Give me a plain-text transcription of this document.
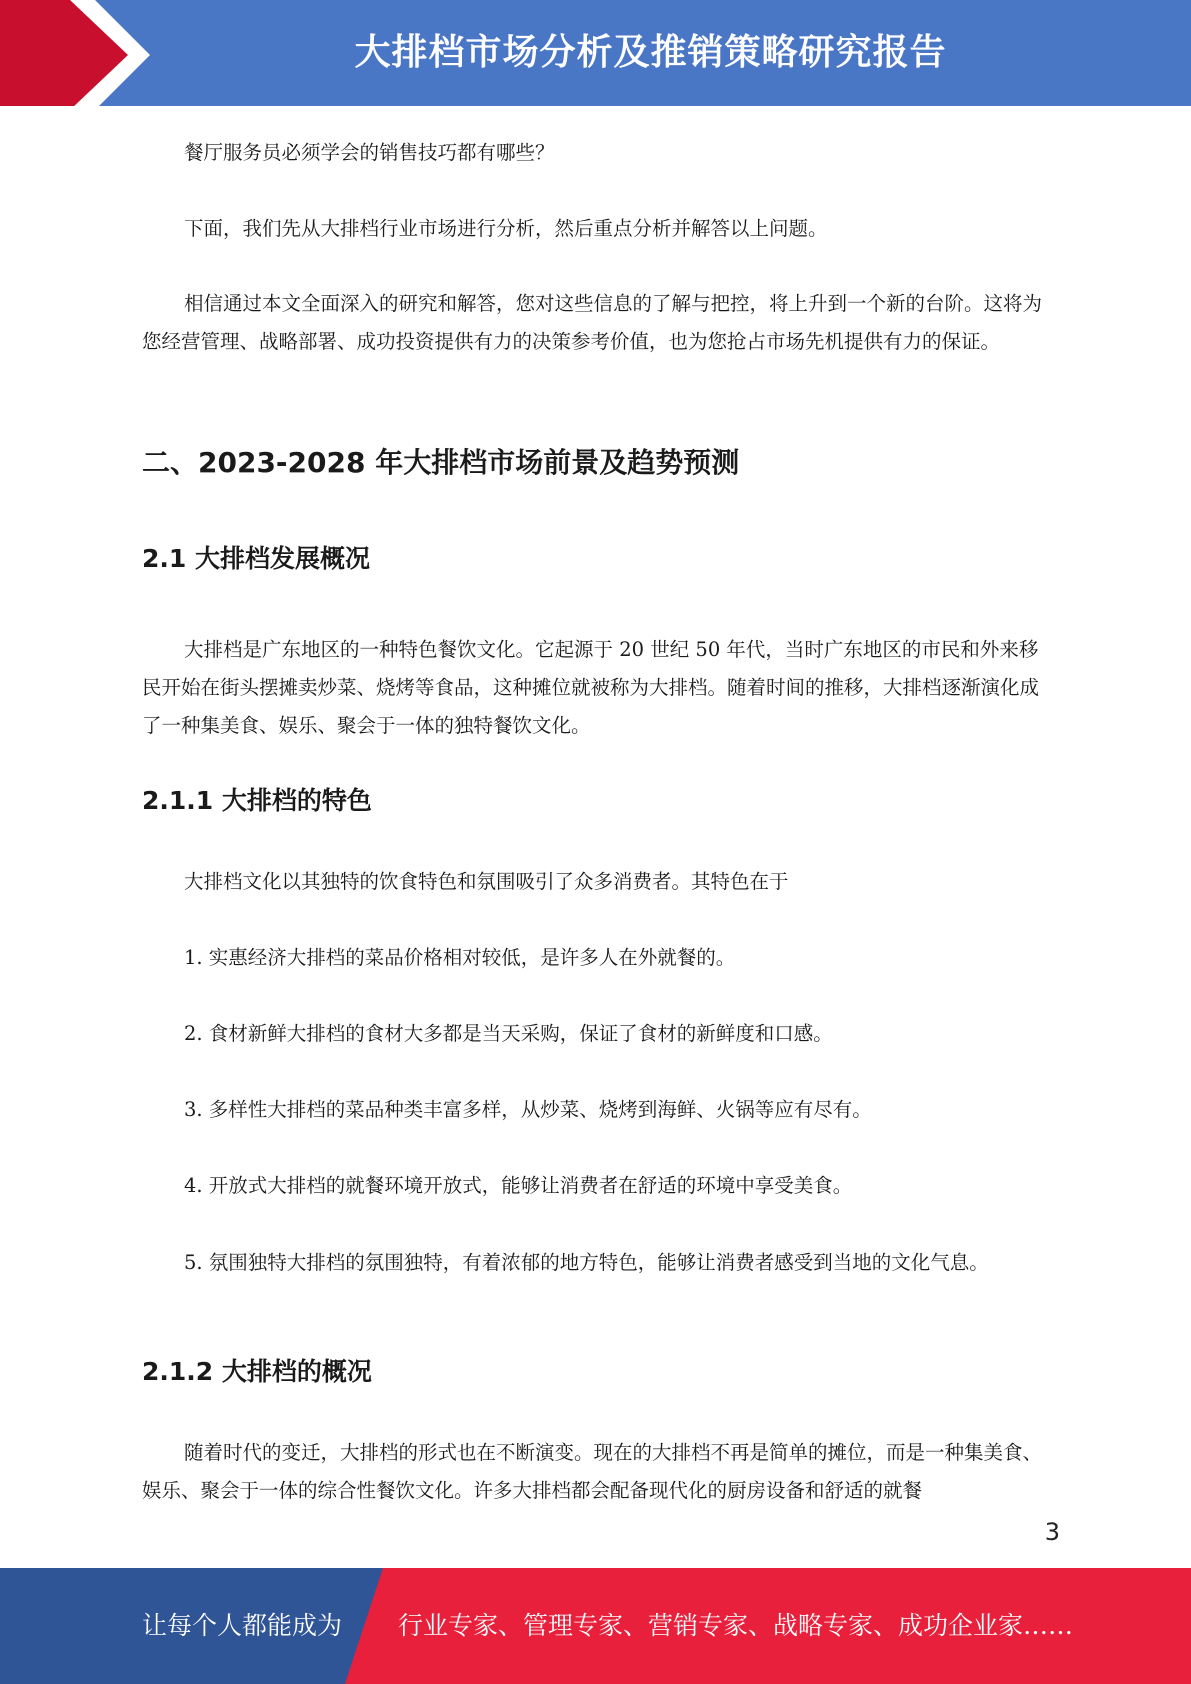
大排档市场分析及推销策略研究报告

餐厅服务员必须学会的销售技巧都有哪些？

下面，我们先从大排档行业市场进行分析，然后重点分析并解答以上问题。

相信通过本文全面深入的研究和解答，您对这些信息的了解与把控，将上升到一个新的台阶。这将为您经营管理、战略部署、成功投资提供有力的决策参考价值，也为您抢占市场先机提供有力的保证。

二、2023-2028 年大排档市场前景及趋势预测
2.1 大排档发展概况

大排档是广东地区的一种特色餐饮文化。它起源于 20 世纪 50 年代，当时广东地区的市民和外来移民开始在街头摆摊卖炒菜、烧烤等食品，这种摊位就被称为大排档。随着时间的推移，大排档逐渐演化成了一种集美食、娱乐、聚会于一体的独特餐饮文化。

2.1.1 大排档的特色

大排档文化以其独特的饮食特色和氛围吸引了众多消费者。其特色在于

1. 实惠经济大排档的菜品价格相对较低，是许多人在外就餐的。

2. 食材新鲜大排档的食材大多都是当天采购，保证了食材的新鲜度和口感。

3. 多样性大排档的菜品种类丰富多样，从炒菜、烧烤到海鲜、火锅等应有尽有。

4. 开放式大排档的就餐环境开放式，能够让消费者在舒适的环境中享受美食。

5. 氛围独特大排档的氛围独特，有着浓郁的地方特色，能够让消费者感受到当地的文化气息。

2.1.2 大排档的概况

随着时代的变迁，大排档的形式也在不断演变。现在的大排档不再是简单的摊位，而是一种集美食、娱乐、聚会于一体的综合性餐饮文化。许多大排档都会配备现代化的厨房设备和舒适的就餐

3
让每个人都能成为 行业专家、管理专家、营销专家、战略专家、成功企业家……
